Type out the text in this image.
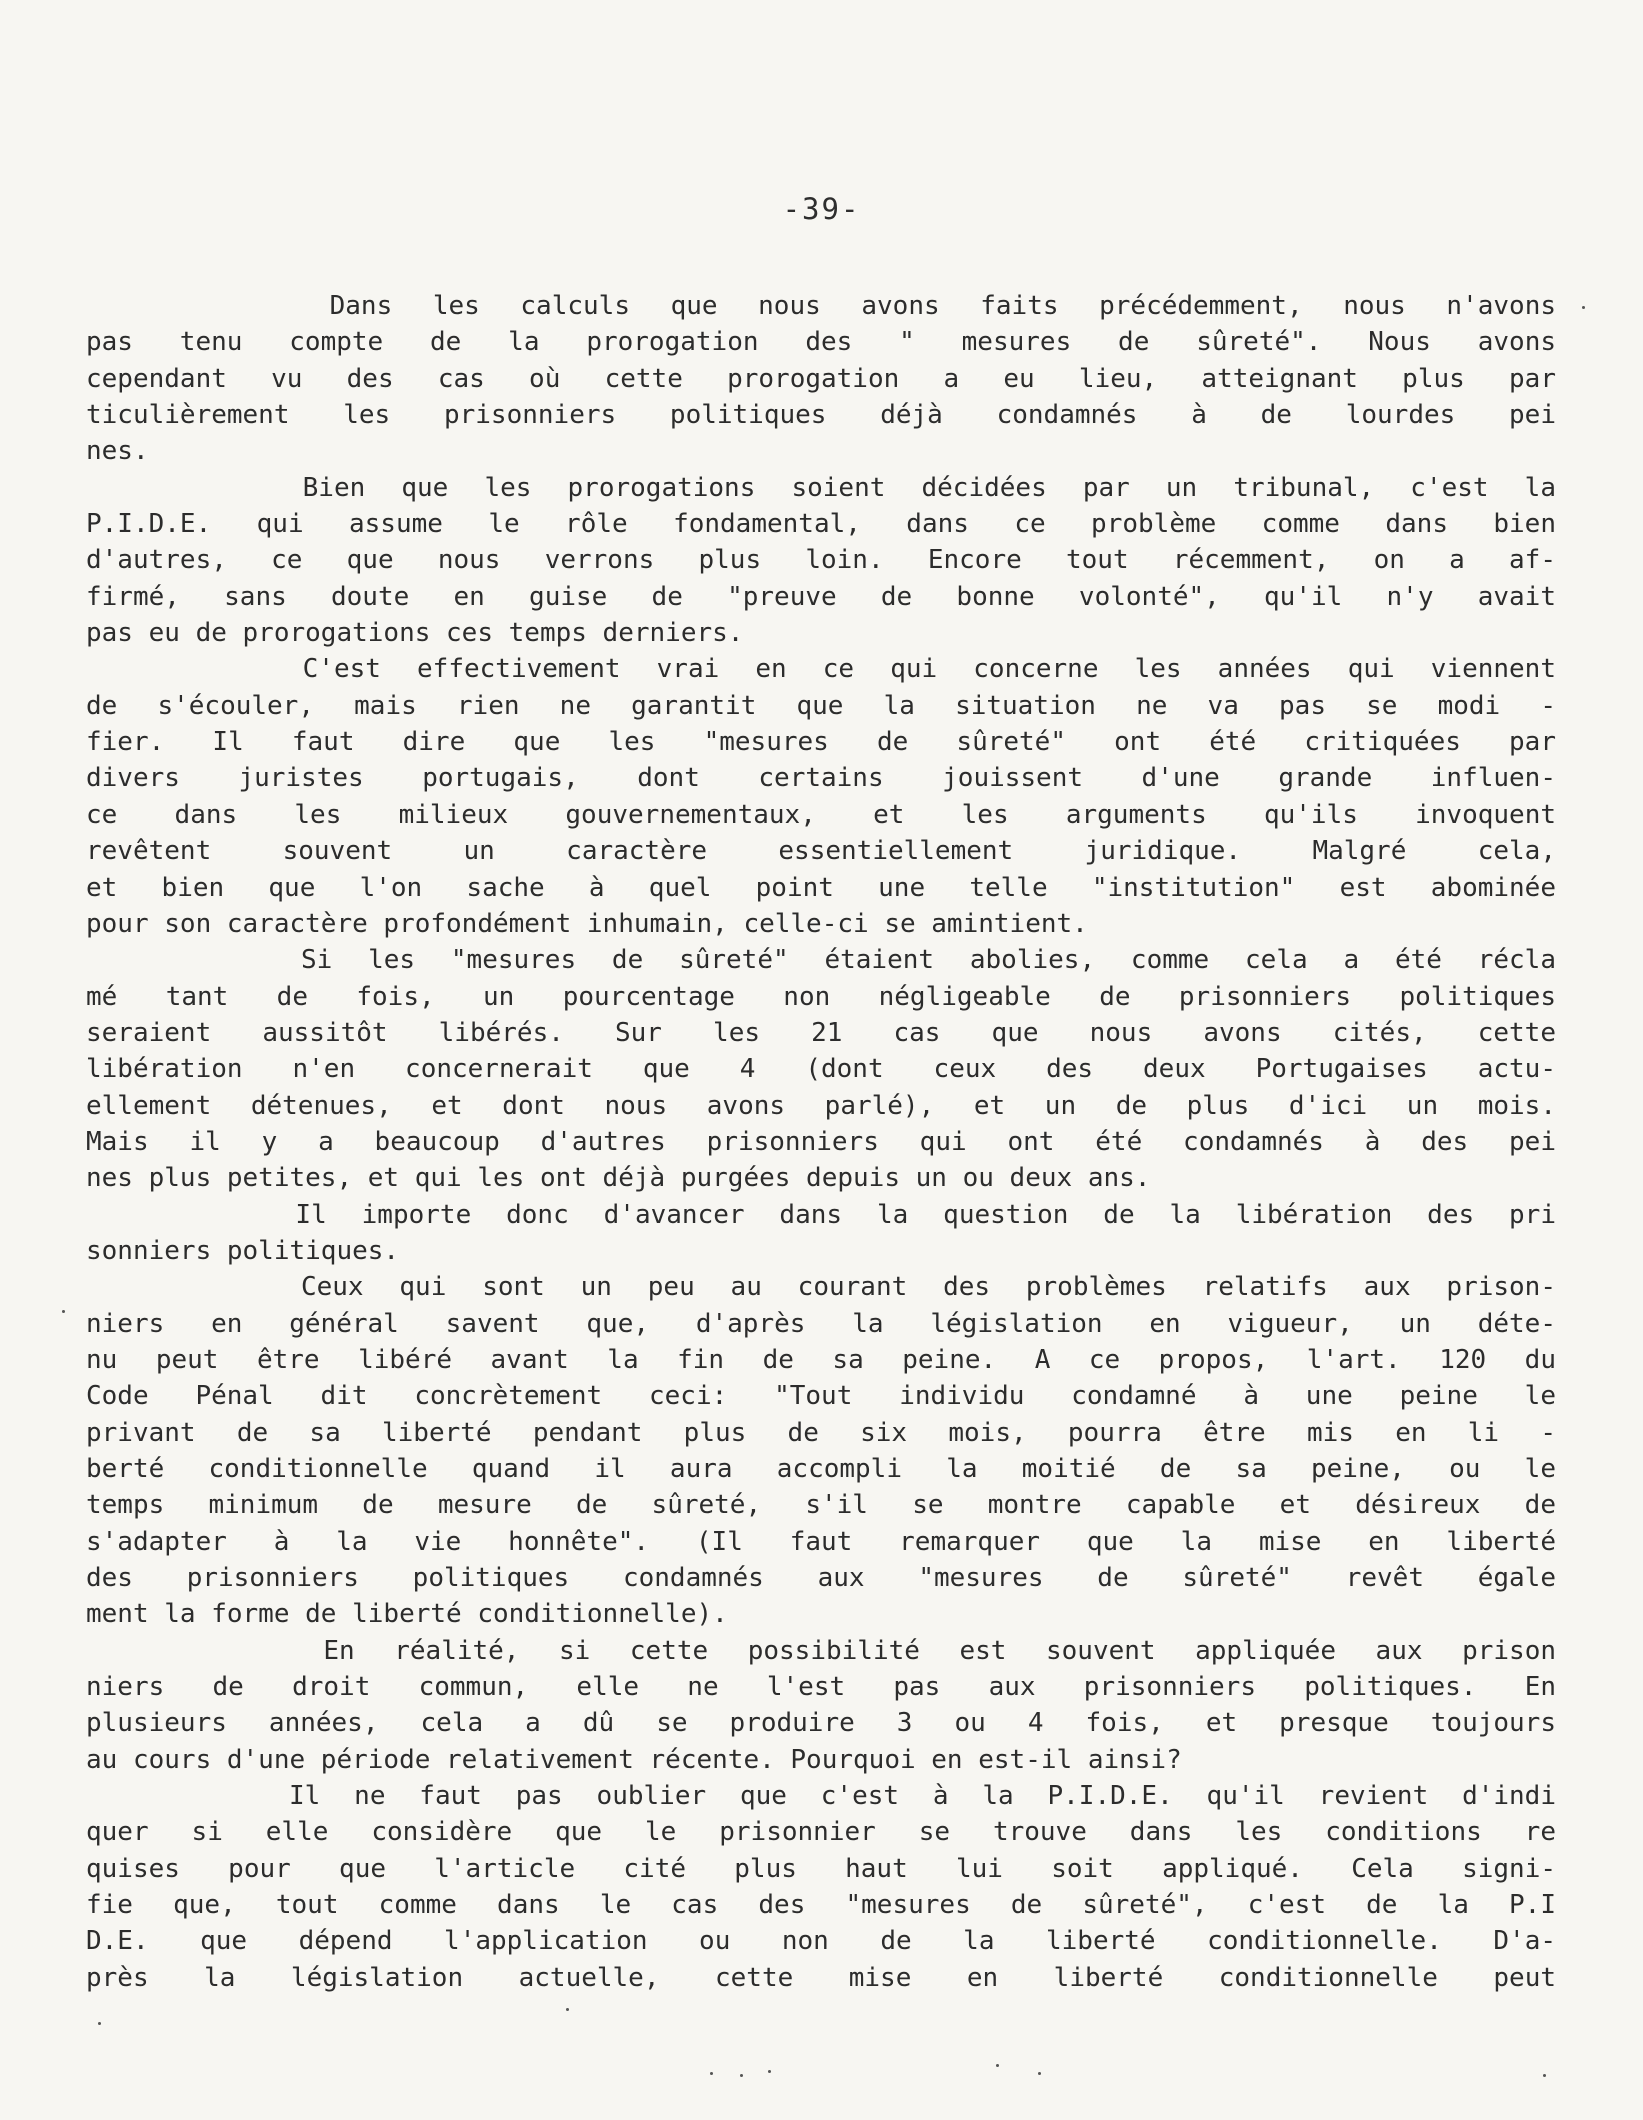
-39-
Dans les calculs que nous avons faits précédemment, nous n'avons
pas tenu compte de la prorogation des " mesures de sûreté". Nous avons
cependant vu des cas où cette prorogation a eu lieu, atteignant plus par
ticulièrement les prisonniers politiques déjà condamnés à de lourdes pei
nes.
Bien que les prorogations soient décidées par un tribunal, c'est la
P.I.D.E. qui assume le rôle fondamental, dans ce problème comme dans bien
d'autres, ce que nous verrons plus loin. Encore tout récemment, on a af-
firmé, sans doute en guise de "preuve de bonne volonté", qu'il n'y avait
pas eu de prorogations ces temps derniers.
C'est effectivement vrai en ce qui concerne les années qui viennent
de s'écouler, mais rien ne garantit que la situation ne va pas se modi -
fier. Il faut dire que les "mesures de sûreté" ont été critiquées par
divers juristes portugais, dont certains jouissent d'une grande influen-
ce dans les milieux gouvernementaux, et les arguments qu'ils invoquent
revêtent souvent un caractère essentiellement juridique. Malgré cela,
et bien que l'on sache à quel point une telle "institution" est abominée
pour son caractère profondément inhumain, celle-ci se amintient.
Si les "mesures de sûreté" étaient abolies, comme cela a été récla
mé tant de fois, un pourcentage non négligeable de prisonniers politiques
seraient aussitôt libérés. Sur les 21 cas que nous avons cités, cette
libération n'en concernerait que 4 (dont ceux des deux Portugaises actu-
ellement détenues, et dont nous avons parlé), et un de plus d'ici un mois.
Mais il y a beaucoup d'autres prisonniers qui ont été condamnés à des pei
nes plus petites, et qui les ont déjà purgées depuis un ou deux ans.
Il importe donc d'avancer dans la question de la libération des pri
sonniers politiques.
Ceux qui sont un peu au courant des problèmes relatifs aux prison-
niers en général savent que, d'après la législation en vigueur, un déte-
nu peut être libéré avant la fin de sa peine. A ce propos, l'art. 120 du
Code Pénal dit concrètement ceci: "Tout individu condamné à une peine le
privant de sa liberté pendant plus de six mois, pourra être mis en li -
berté conditionnelle quand il aura accompli la moitié de sa peine, ou le
temps minimum de mesure de sûreté, s'il se montre capable et désireux de
s'adapter à la vie honnête". (Il faut remarquer que la mise en liberté
des prisonniers politiques condamnés aux "mesures de sûreté" revêt égale
ment la forme de liberté conditionnelle).
En réalité, si cette possibilité est souvent appliquée aux prison
niers de droit commun, elle ne l'est pas aux prisonniers politiques. En
plusieurs années, cela a dû se produire 3 ou 4 fois, et presque toujours
au cours d'une période relativement récente. Pourquoi en est-il ainsi?
Il ne faut pas oublier que c'est à la P.I.D.E. qu'il revient d'indi
quer si elle considère que le prisonnier se trouve dans les conditions re
quises pour que l'article cité plus haut lui soit appliqué. Cela signi-
fie que, tout comme dans le cas des "mesures de sûreté", c'est de la P.I
D.E. que dépend l'application ou non de la liberté conditionnelle. D'a-
près la législation actuelle, cette mise en liberté conditionnelle peut
